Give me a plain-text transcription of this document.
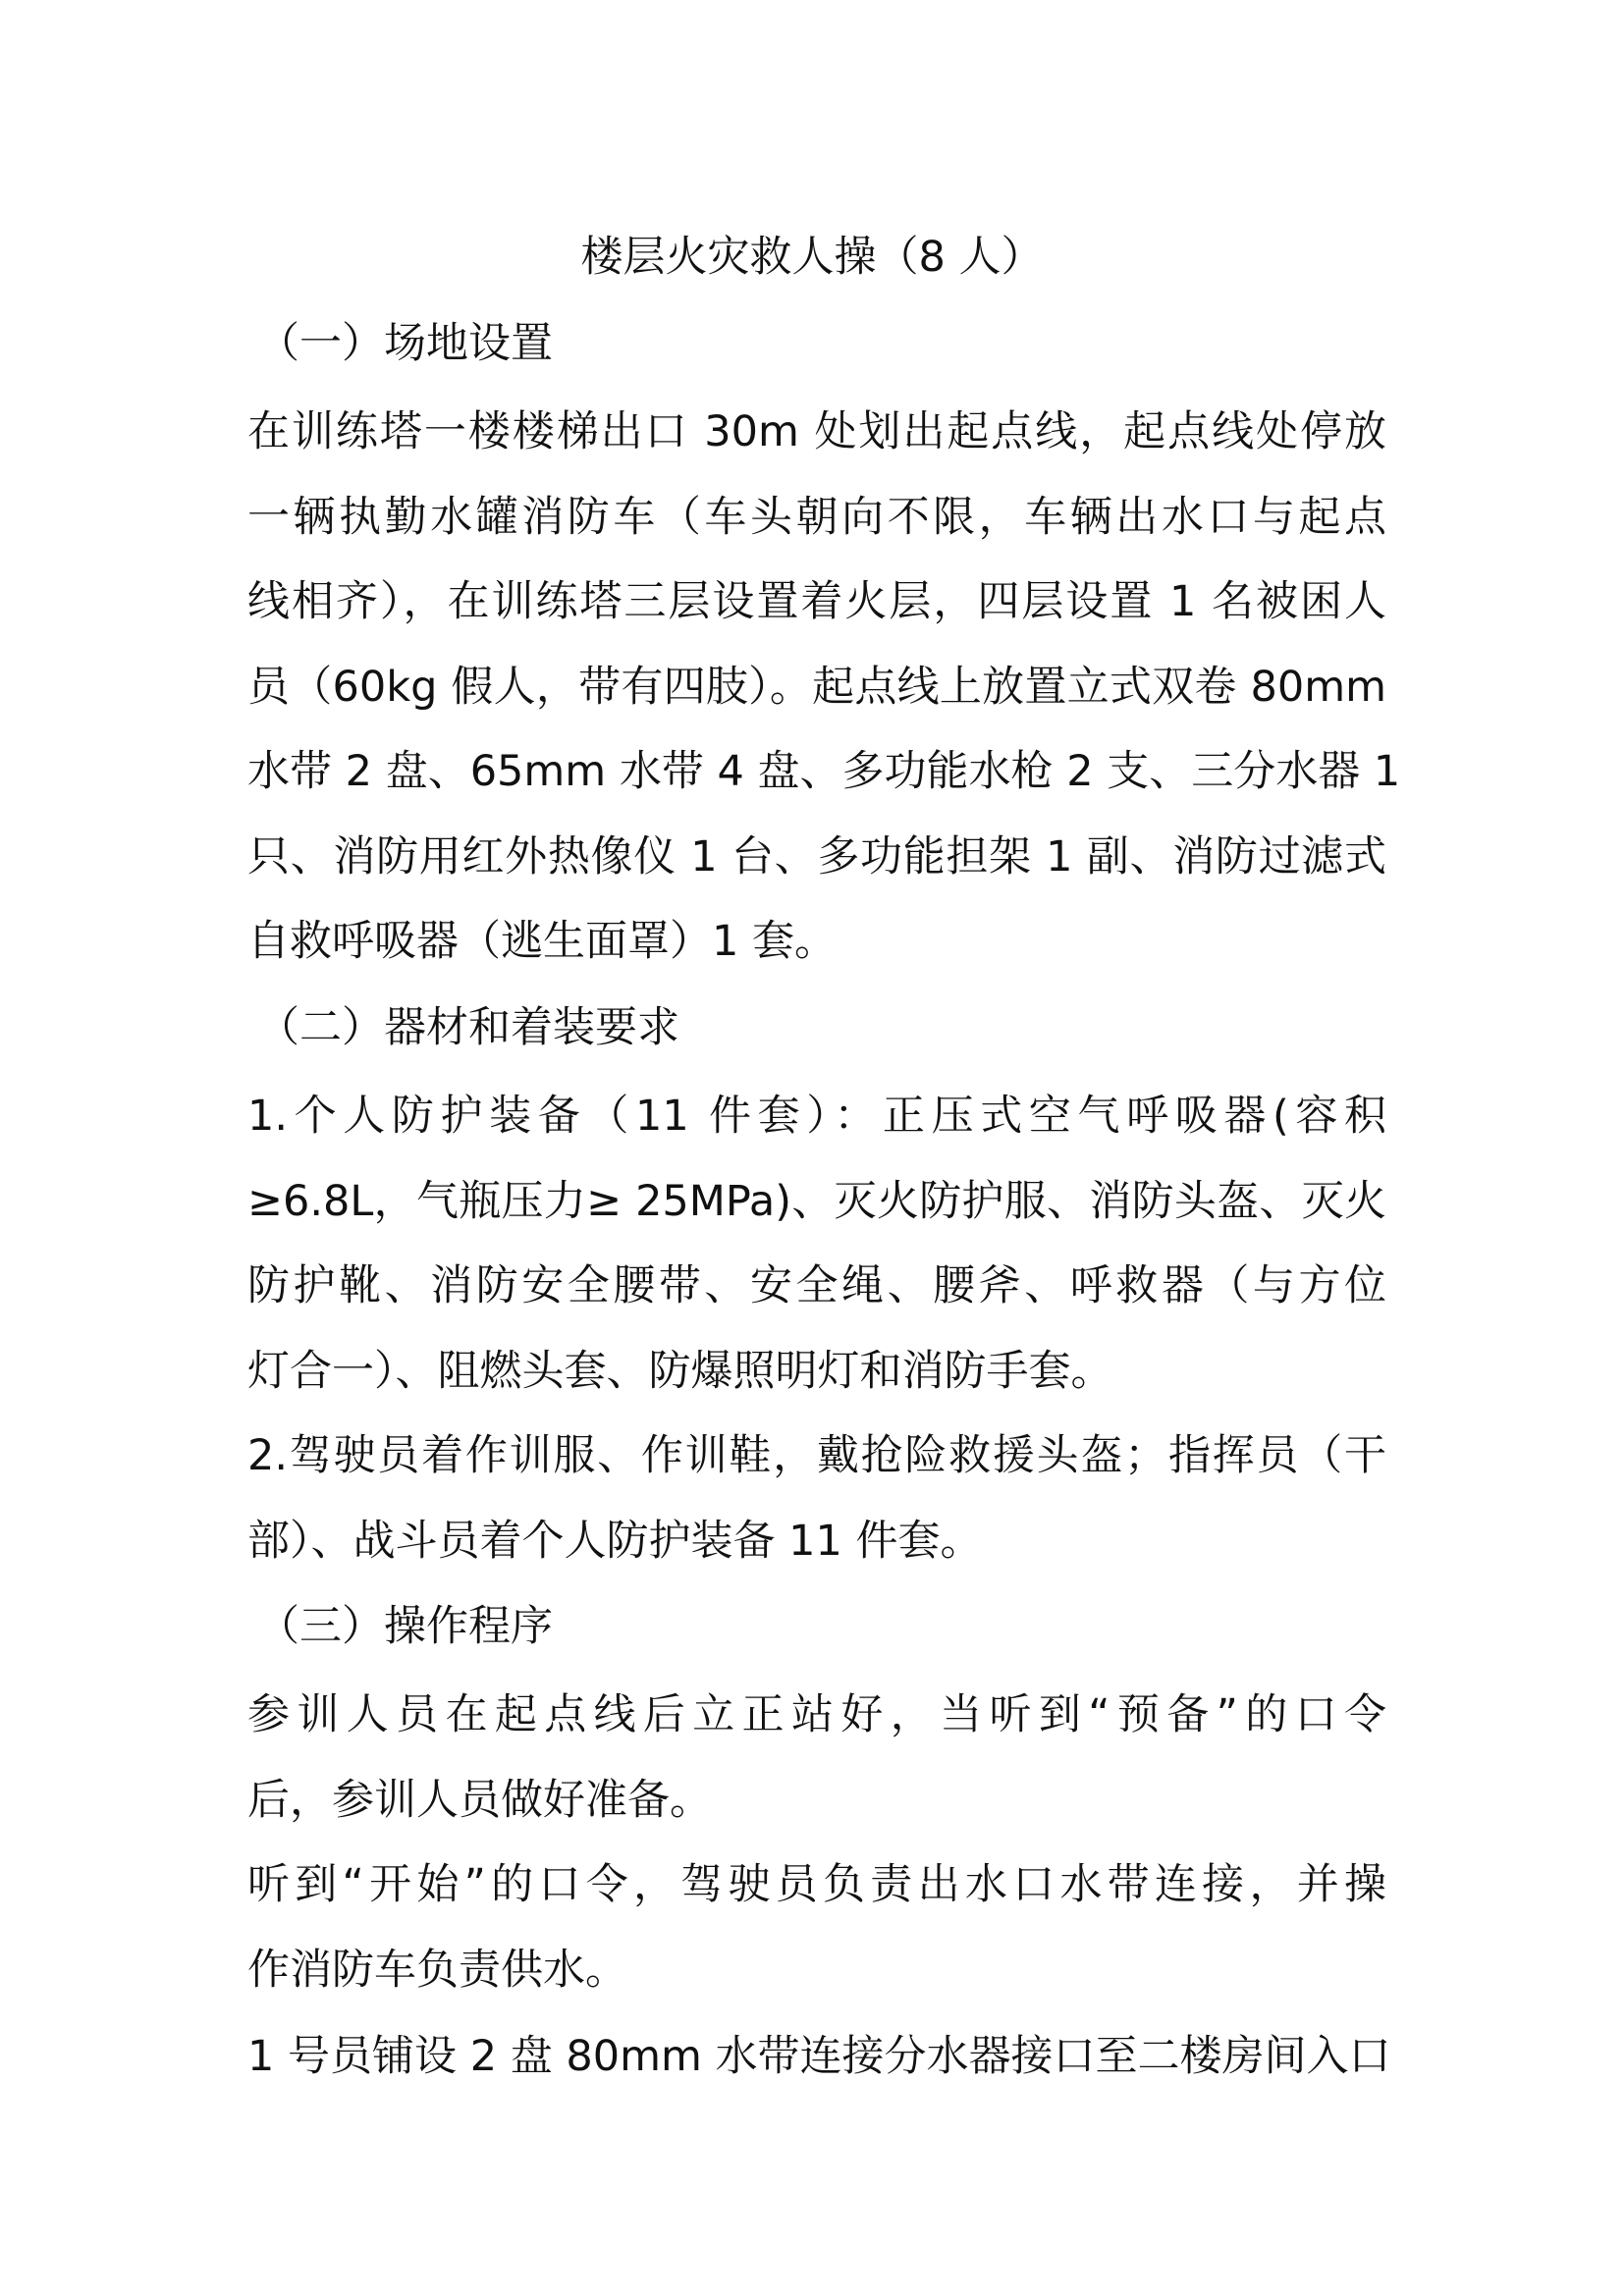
楼层火灾救人操（8 人）
（一）场地设置
在训练塔一楼楼梯出口 30m 处划出起点线，起点线处停放
一辆执勤水罐消防车（车头朝向不限，车辆出水口与起点
线相齐），在训练塔三层设置着火层，四层设置 1 名被困人
员（60kg 假人，带有四肢）。起点线上放置立式双卷 80mm
水带 2 盘、65mm 水带 4 盘、多功能水枪 2 支、三分水器 1
只、消防用红外热像仪 1 台、多功能担架 1 副、消防过滤式
自救呼吸器（逃生面罩）1 套。
（二）器材和着装要求
1.个人防护装备（11 件套）：正压式空气呼吸器(容积
≥6.8L，气瓶压力≥ 25MPa)、灭火防护服、消防头盔、灭火
防护靴、消防安全腰带、安全绳、腰斧、呼救器（与方位
灯合一）、阻燃头套、防爆照明灯和消防手套。
2.驾驶员着作训服、作训鞋，戴抢险救援头盔；指挥员（干
部）、战斗员着个人防护装备 11 件套。
（三）操作程序
参训人员在起点线后立正站好，当听到“预备”的口令
后，参训人员做好准备。
听到“开始”的口令，驾驶员负责出水口水带连接，并操
作消防车负责供水。
1 号员铺设 2 盘 80mm 水带连接分水器接口至二楼房间入口
